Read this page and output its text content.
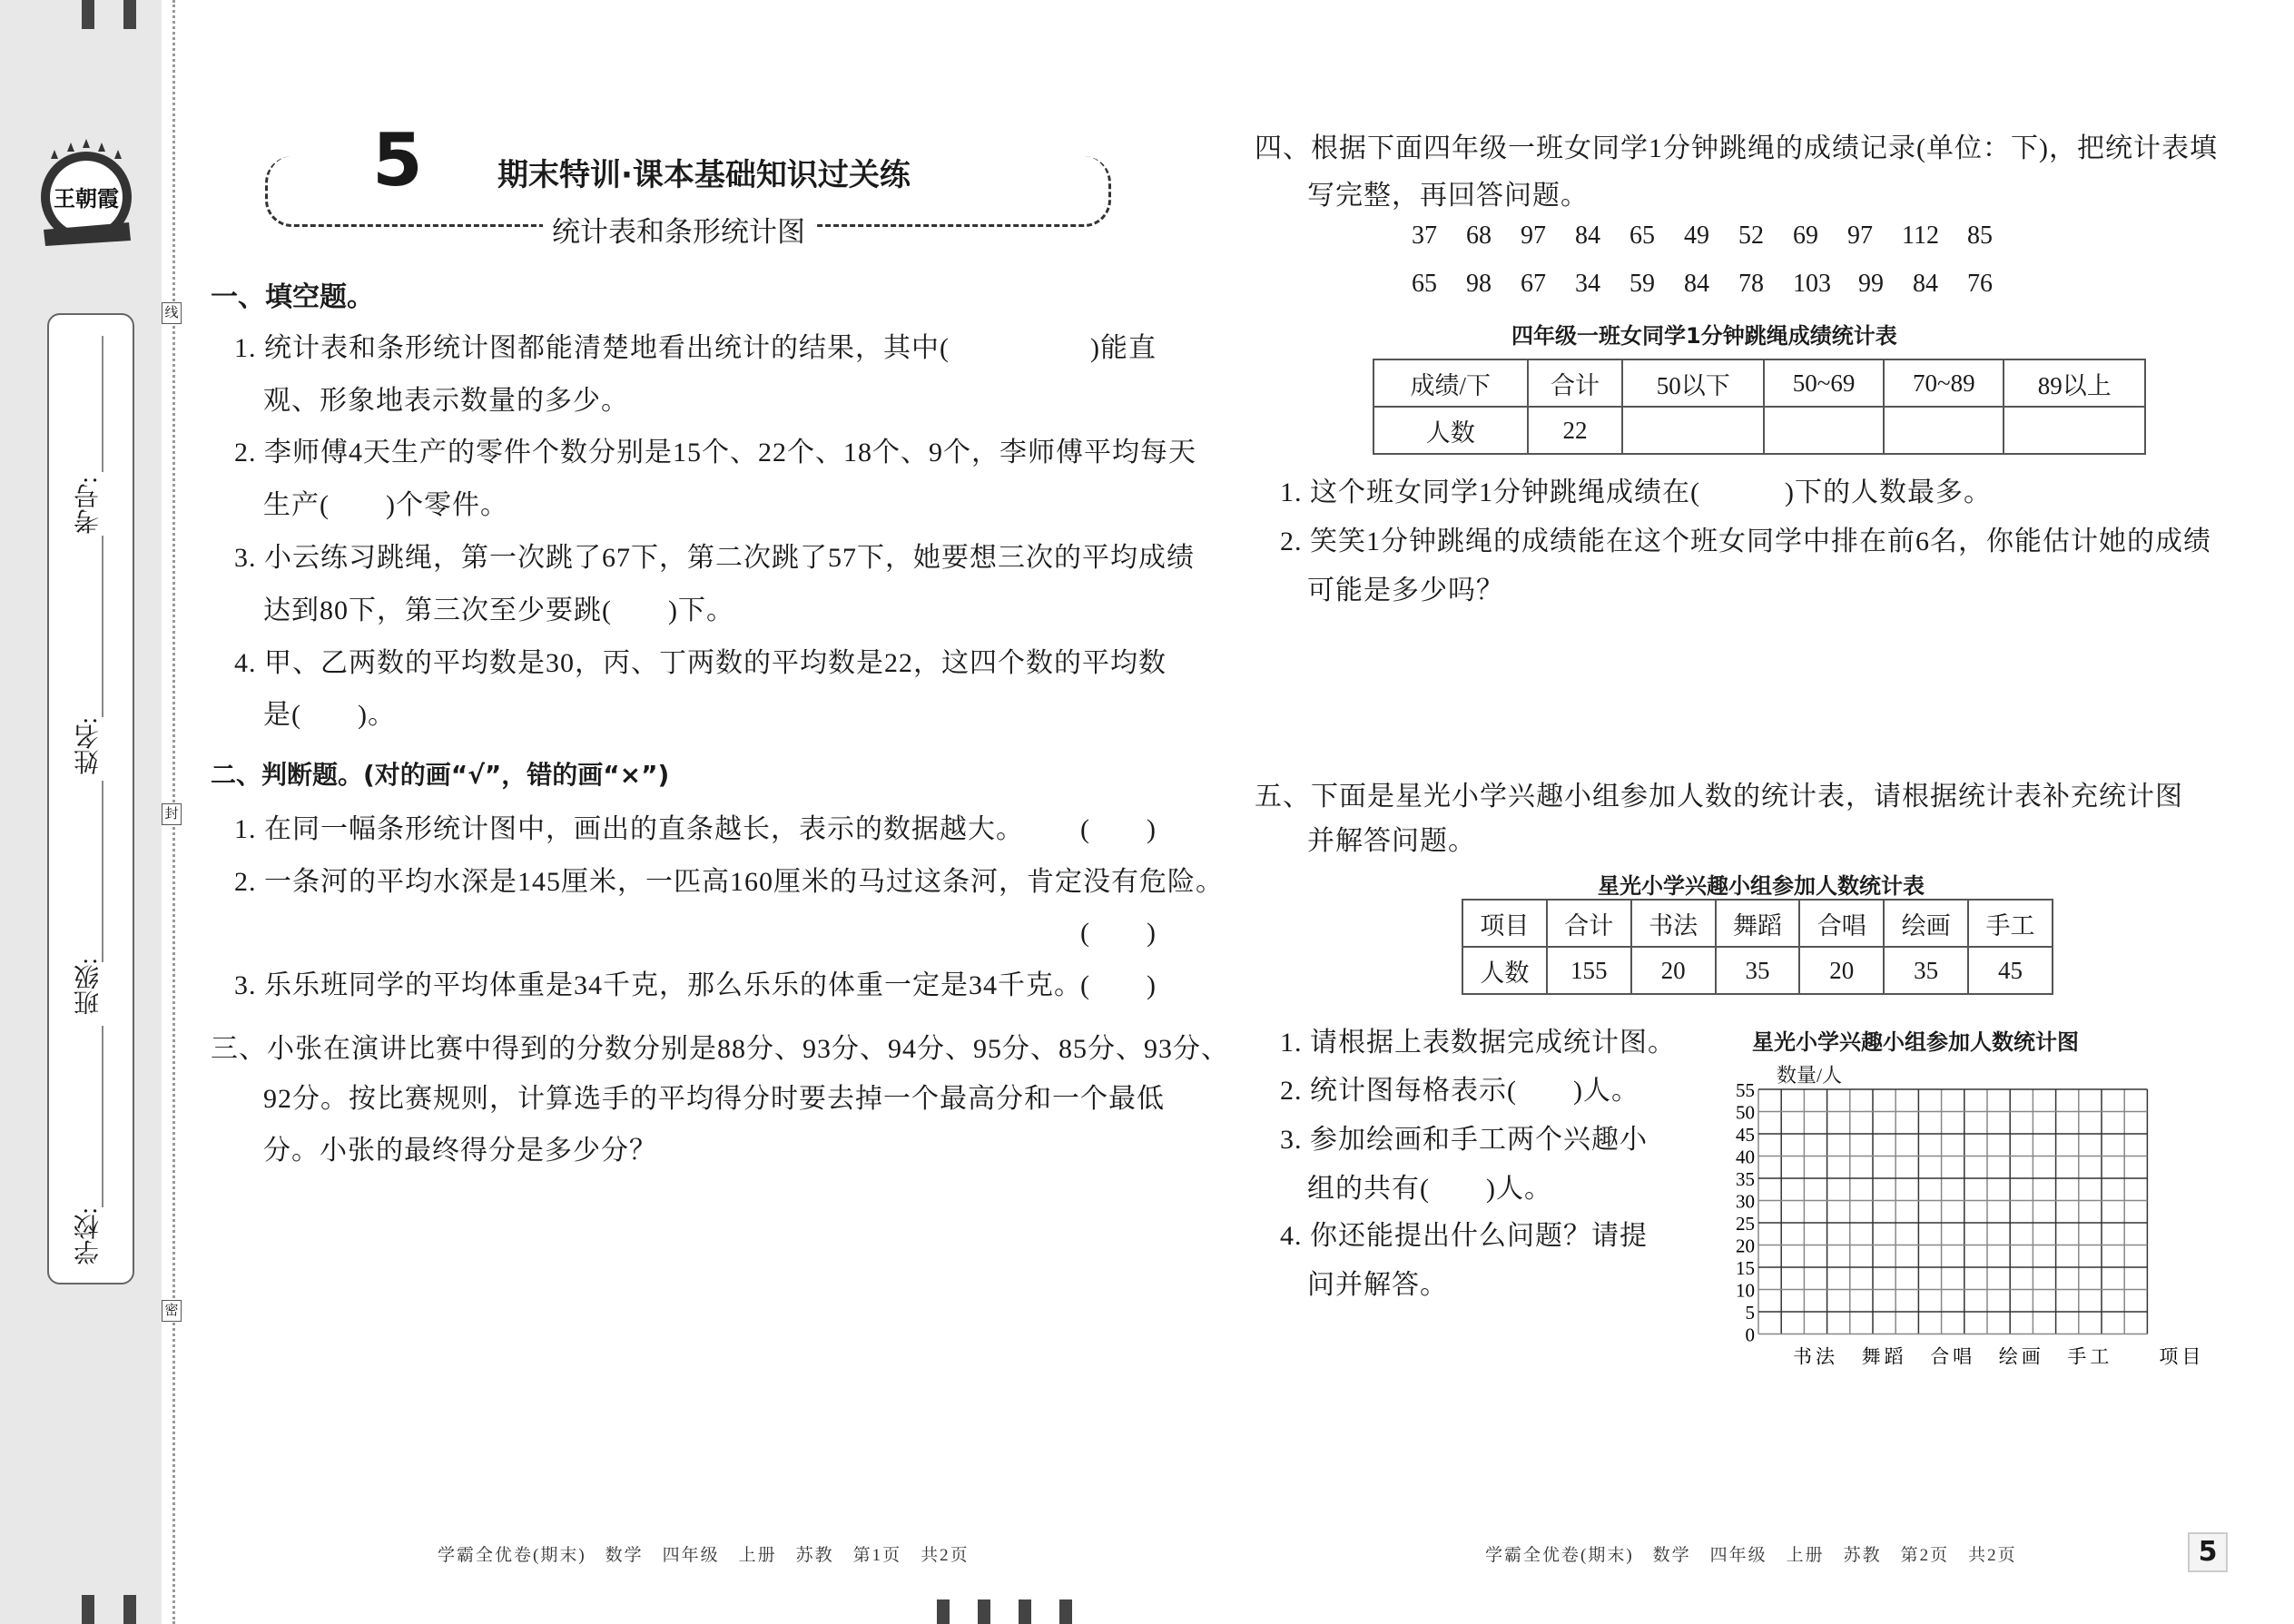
王朝霞
考号:
姓名:
班级:
学校:
线
封
密
5 期末特训·课本基础知识过关练
统计表和条形统计图
一、填空题。
1. 统计表和条形统计图都能清楚地看出统计的结果，其中(　　　　　)能直
观、形象地表示数量的多少。
2. 李师傅4天生产的零件个数分别是15个、22个、18个、9个，李师傅平均每天
生产(　　)个零件。
3. 小云练习跳绳，第一次跳了67下，第二次跳了57下，她要想三次的平均成绩
达到80下，第三次至少要跳(　　)下。
4. 甲、乙两数的平均数是30，丙、丁两数的平均数是22，这四个数的平均数
是(　　)。
二、判断题。(对的画“√”，错的画“×”)
1. 在同一幅条形统计图中，画出的直条越长，表示的数据越大。 (　　)
2. 一条河的平均水深是145厘米，一匹高160厘米的马过这条河，肯定没有危险。
(　　)
3. 乐乐班同学的平均体重是34千克，那么乐乐的体重一定是34千克。
(　　)
三、小张在演讲比赛中得到的分数分别是88分、93分、94分、95分、85分、93分、
92分。按比赛规则，计算选手的平均得分时要去掉一个最高分和一个最低
分。小张的最终得分是多少分？
四、根据下面四年级一班女同学1分钟跳绳的成绩记录(单位：下)，把统计表填
写完整，再回答问题。
37 68 97 84 65 49 52 69 97 112 85
65 98 67 34 59 84 78 103 99 84 76
四年级一班女同学1分钟跳绳成绩统计表
成绩/下	合计	50以下	50~69	70~89	89以上
人数	22				
1. 这个班女同学1分钟跳绳成绩在(　　　)下的人数最多。
2. 笑笑1分钟跳绳的成绩能在这个班女同学中排在前6名，你能估计她的成绩
可能是多少吗？
五、下面是星光小学兴趣小组参加人数的统计表，请根据统计表补充统计图
并解答问题。
星光小学兴趣小组参加人数统计表
项目	合计	书法	舞蹈	合唱	绘画	手工
人数	155	20	35	20	35	45
1. 请根据上表数据完成统计图。
2. 统计图每格表示(　　)人。
3. 参加绘画和手工两个兴趣小
组的共有(　　)人。
4. 你还能提出什么问题？请提
问并解答。
星光小学兴趣小组参加人数统计图
数量/人
0
5
10
15
20
25
30
35
40
45
50
55
书法 舞蹈 合唱 绘画 手工 项目
学霸全优卷(期末)　数学　四年级　上册　苏教　第1页　共2页	学霸全优卷(期末)　数学　四年级　上册　苏教　第2页　共2页	5
